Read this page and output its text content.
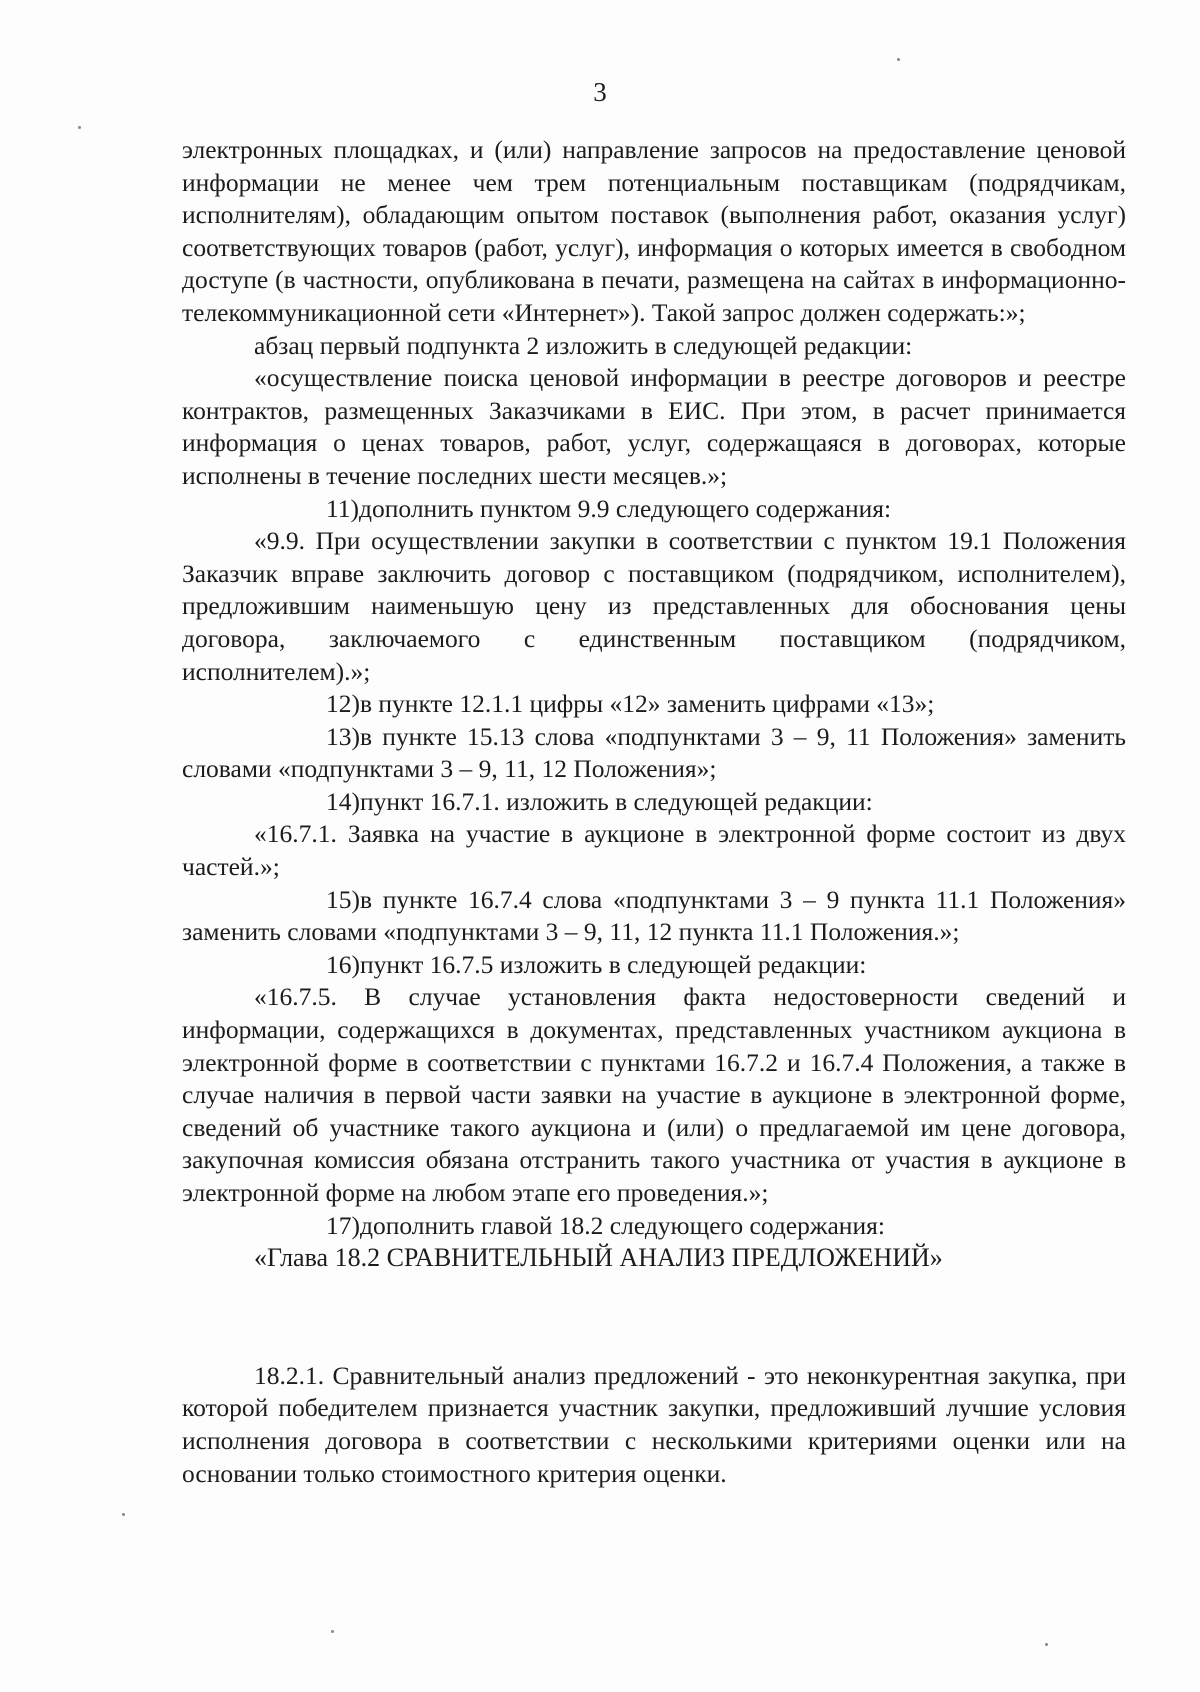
3

электронных площадках, и (или) направление запросов на предоставление ценовой информации не менее чем трем потенциальным поставщикам (подрядчикам, исполнителям), обладающим опытом поставок (выполнения работ, оказания услуг) соответствующих товаров (работ, услуг), информация о которых имеется в свободном доступе (в частности, опубликована в печати, размещена на сайтах в информационно-телекоммуникационной сети «Интернет»). Такой запрос должен содержать:»;

абзац первый подпункта 2 изложить в следующей редакции:

«осуществление поиска ценовой информации в реестре договоров и реестре контрактов, размещенных Заказчиками в ЕИС. При этом, в расчет принимается информация о ценах товаров, работ, услуг, содержащаяся в договорах, которые исполнены в течение последних шести месяцев.»;

11)дополнить пунктом 9.9 следующего содержания:

«9.9. При осуществлении закупки в соответствии с пунктом 19.1 Положения Заказчик вправе заключить договор с поставщиком (подрядчиком, исполнителем), предложившим наименьшую цену из представленных для обоснования цены договора, заключаемого с единственным поставщиком (подрядчиком, исполнителем).»;

12)в пункте 12.1.1 цифры «12» заменить цифрами «13»;

13)в пункте 15.13 слова «подпунктами 3 – 9, 11 Положения» заменить словами «подпунктами 3 – 9, 11, 12 Положения»;

14)пункт 16.7.1. изложить в следующей редакции:

«16.7.1. Заявка на участие в аукционе в электронной форме состоит из двух частей.»;

15)в пункте 16.7.4 слова «подпунктами 3 – 9 пункта 11.1 Положения» заменить словами «подпунктами 3 – 9, 11, 12 пункта 11.1 Положения.»;

16)пункт 16.7.5 изложить в следующей редакции:

«16.7.5. В случае установления факта недостоверности сведений и информации, содержащихся в документах, представленных участником аукциона в электронной форме в соответствии с пунктами 16.7.2 и 16.7.4 Положения, а также в случае наличия в первой части заявки на участие в аукционе в электронной форме, сведений об участнике такого аукциона и (или) о предлагаемой им цене договора, закупочная комиссия обязана отстранить такого участника от участия в аукционе в электронной форме на любом этапе его проведения.»;

17)дополнить главой 18.2 следующего содержания:

«Глава 18.2 СРАВНИТЕЛЬНЫЙ АНАЛИЗ ПРЕДЛОЖЕНИЙ»

18.2.1. Сравнительный анализ предложений - это неконкурентная закупка, при которой победителем признается участник закупки, предложивший лучшие условия исполнения договора в соответствии с несколькими критериями оценки или на основании только стоимостного критерия оценки.
